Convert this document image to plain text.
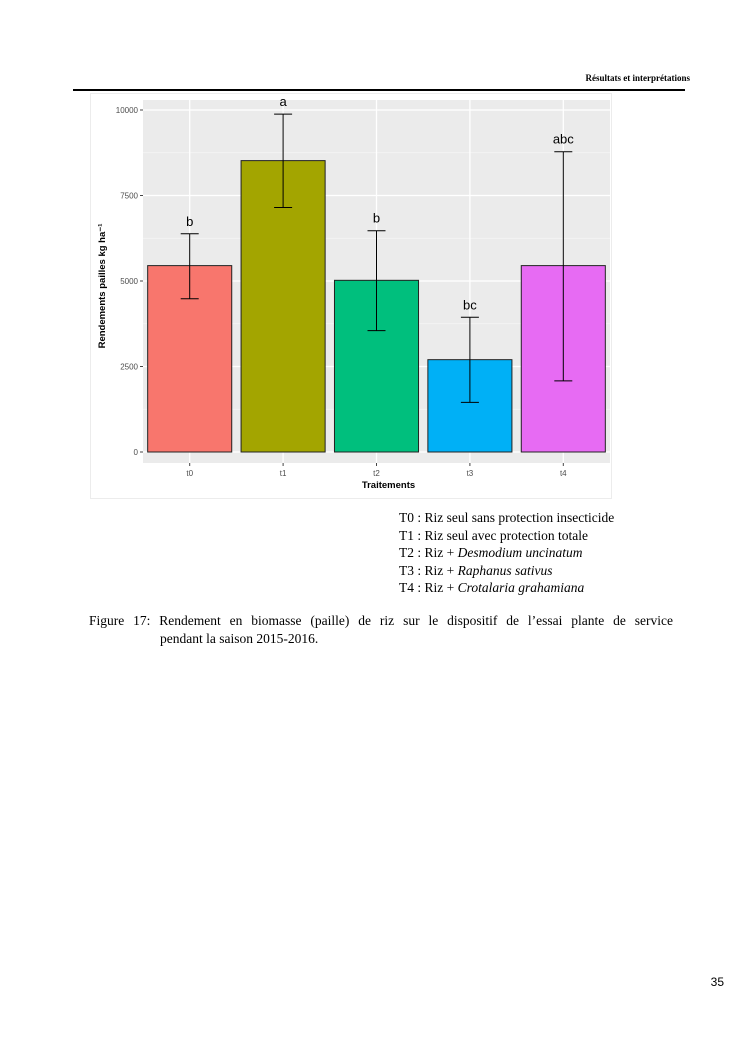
Résultats et interprétations
b
t0
a
t1
b
t2
bc
t3
abc
t4
0
2500
5000
7500
10000
Traitements
Rendements pailles kg ha⁻¹
T0 : Riz seul sans protection insecticide
T1 : Riz seul avec protection totale
T2 : Riz + Desmodium uncinatum
T3 : Riz + Raphanus sativus
T4 : Riz + Crotalaria grahamiana
Figure 17: Rendement en biomasse (paille) de riz sur le dispositif de l’essai plante de service
pendant la saison 2015-2016.
35
